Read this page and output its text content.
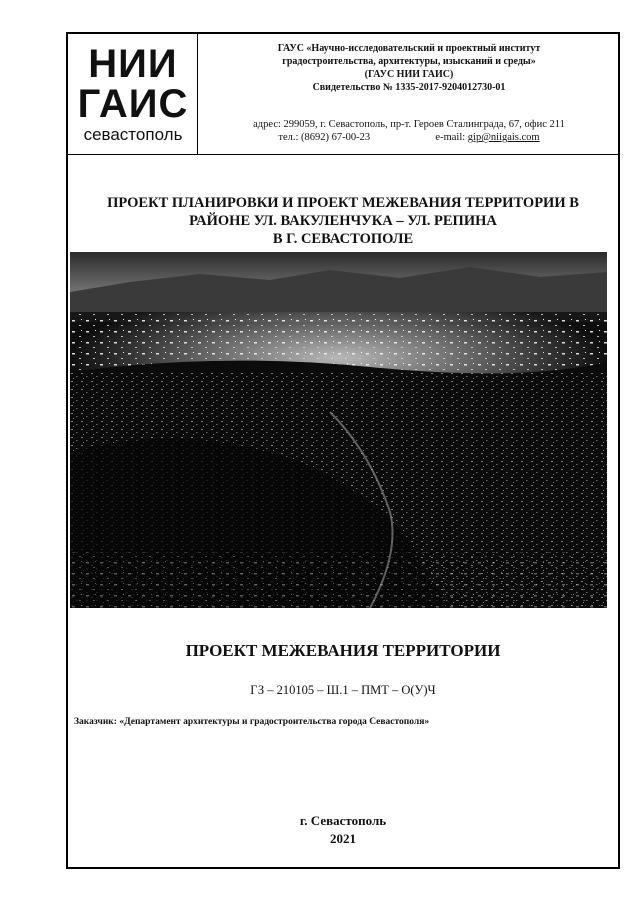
НИИ
ГАИС
севастополь
ГАУС «Научно-исследовательский и проектный институт
градостроительства, архитектуры, изысканий и среды»
(ГАУС НИИ ГАИС)
Свидетельство № 1335-2017-9204012730-01
адрес: 299059, г. Севастополь, пр-т. Героев Сталинграда, 67, офис 211
тел.: (8692) 67-00-23	e-mail: gip@niigais.com
ПРОЕКТ ПЛАНИРОВКИ И ПРОЕКТ МЕЖЕВАНИЯ ТЕРРИТОРИИ В
РАЙОНЕ УЛ. ВАКУЛЕНЧУКА – УЛ. РЕПИНА
В Г. СЕВАСТОПОЛЕ
ПРОЕКТ МЕЖЕВАНИЯ ТЕРРИТОРИИ
ГЗ – 210105 – Ш.1 – ПМТ – О(У)Ч
Заказчик: «Департамент архитектуры и градостроительства города Севастополя»
г. Севастополь
2021
